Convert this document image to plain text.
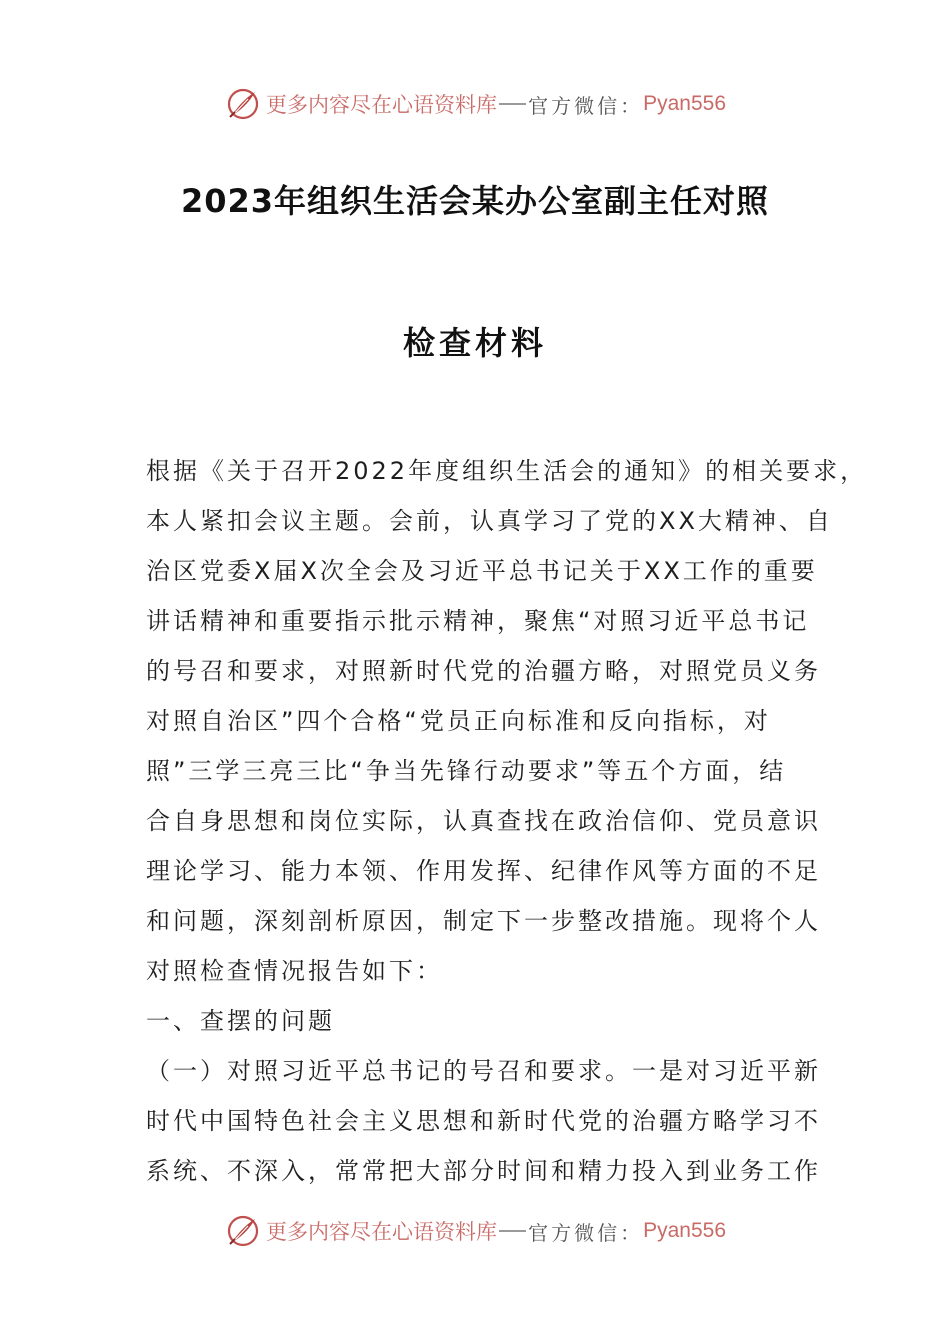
更多内容尽在心语资料库 官方微信： Pyan556
2023年组织生活会某办公室副主任对照
检查材料
根据《关于召开2022年度组织生活会的通知》的相关要求，
本人紧扣会议主题。会前，认真学习了党的XX大精神、自
治区党委X届X次全会及习近平总书记关于XX工作的重要
讲话精神和重要指示批示精神，聚焦“对照习近平总书记
的号召和要求，对照新时代党的治疆方略，对照党员义务
对照自治区”四个合格“党员正向标准和反向指标，对
照”三学三亮三比“争当先锋行动要求”等五个方面，结
合自身思想和岗位实际，认真查找在政治信仰、党员意识
理论学习、能力本领、作用发挥、纪律作风等方面的不足
和问题，深刻剖析原因，制定下一步整改措施。现将个人
对照检查情况报告如下：
一、查摆的问题
（一）对照习近平总书记的号召和要求。一是对习近平新
时代中国特色社会主义思想和新时代党的治疆方略学习不
系统、不深入，常常把大部分时间和精力投入到业务工作
更多内容尽在心语资料库 官方微信： Pyan556
